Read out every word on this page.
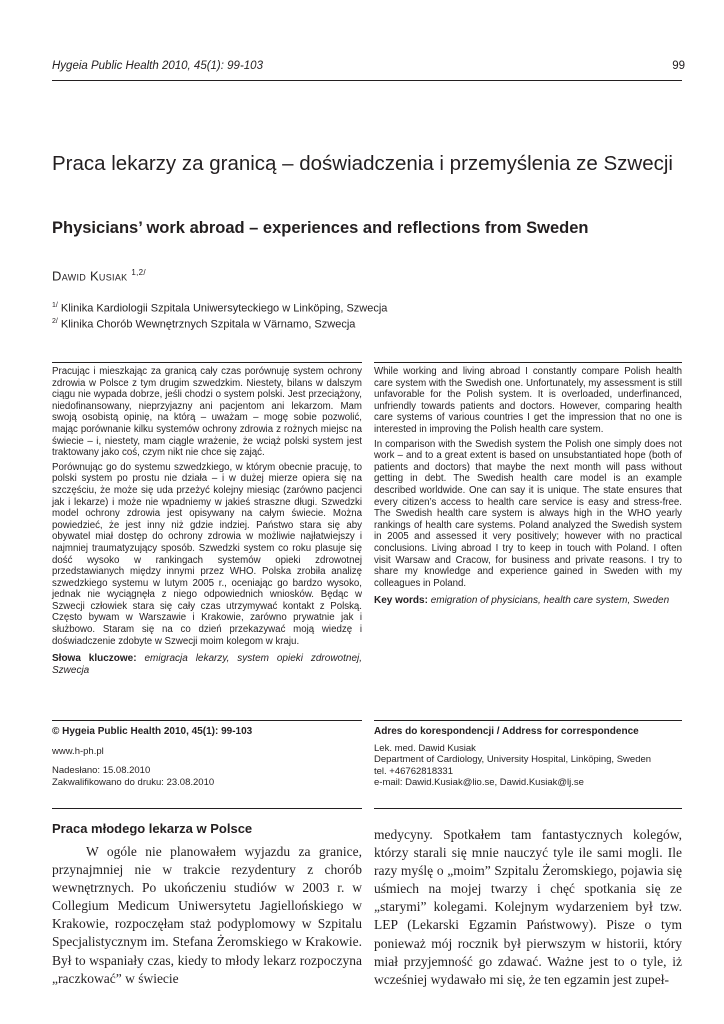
Hygeia Public Health 2010, 45(1): 99-103	99
Praca lekarzy za granicą – doświadczenia i przemyślenia ze Szwecji
Physicians’ work abroad – experiences and reflections from Sweden
Dawid Kusiak $^{1,2/}$
$^{1/}$ Klinika Kardiologii Szpitala Uniwersyteckiego w Linköping, Szwecja
$^{2/}$ Klinika Chorób Wewnętrznych Szpitala w Värnamo, Szwecja

Pracując i mieszkając za granicą cały czas porównuję system ochrony zdrowia w Polsce z tym drugim szwedzkim. Niestety, bilans w dalszym ciągu nie wypada dobrze, jeśli chodzi o system polski. Jest przeciążony, niedofinansowany, nieprzyjazny ani pacjentom ani lekarzom. Mam swoją osobistą opinię, na którą – uważam – mogę sobie pozwolić, mając porównanie kilku systemów ochrony zdrowia z rożnych miejsc na świecie – i, niestety, mam ciągle wrażenie, że wciąż polski system jest traktowany jako coś, czym nikt nie chce się zająć.

Porównując go do systemu szwedzkiego, w którym obecnie pracuję, to polski system po prostu nie działa – i w dużej mierze opiera się na szczęściu, że może się uda przeżyć kolejny miesiąc (zarówno pacjenci jak i lekarze) i może nie wpadniemy w jakieś straszne długi. Szwedzki model ochrony zdrowia jest opisywany na całym świecie. Można powiedzieć, że jest inny niż gdzie indziej. Państwo stara się aby obywatel miał dostęp do ochrony zdrowia w możliwie najłatwiejszy i najmniej traumatyzujący sposób. Szwedzki system co roku plasuje się dość wysoko w rankingach systemów opieki zdrowotnej przedstawianych między innymi przez WHO. Polska zrobiła analizę szwedzkiego systemu w lutym 2005 r., oceniając go bardzo wysoko, jednak nie wyciągnęła z niego odpowiednich wniosków. Będąc w Szwecji człowiek stara się cały czas utrzymywać kontakt z Polską. Często bywam w Warszawie i Krakowie, zarówno prywatnie jak i służbowo. Staram się na co dzień przekazywać moją wiedzę i doświadczenie zdobyte w Szwecji moim kolegom w kraju.

Słowa kluczowe: emigracja lekarzy, system opieki zdrowotnej, Szwecja

While working and living abroad I constantly compare Polish health care system with the Swedish one. Unfortunately, my assessment is still unfavorable for the Polish system. It is overloaded, underfinanced, unfriendly towards patients and doctors. However, comparing health care systems of various countries I get the impression that no one is interested in improving the Polish health care system.

In comparison with the Swedish system the Polish one simply does not work – and to a great extent is based on unsubstantiated hope (both of patients and doctors) that maybe the next month will pass without getting in debt. The Swedish health care model is an example described worldwide. One can say it is unique. The state ensures that every citizen’s access to health care service is easy and stress-free. The Swedish health care system is always high in the WHO yearly rankings of health care systems. Poland analyzed the Swedish system in 2005 and assessed it very positively; however with no practical conclusions. Living abroad I try to keep in touch with Poland. I often visit Warsaw and Cracow, for business and private reasons. I try to share my knowledge and experience gained in Sweden with my colleagues in Poland.

Key words: emigration of physicians, health care system, Sweden

© Hygeia Public Health 2010, 45(1): 99-103

www.h-ph.pl

Nadesłano: 15.08.2010

Zakwalifikowano do druku: 23.08.2010

Adres do korespondencji / Address for correspondence

Lek. med. Dawid Kusiak

Department of Cardiology, University Hospital, Linköping, Sweden

tel. +46762818331

e-mail: Dawid.Kusiak@lio.se, Dawid.Kusiak@lj.se

Praca młodego lekarza w Polsce

W ogóle nie planowałem wyjazdu za granice, przynajmniej nie w trakcie rezydentury z chorób wewnętrznych. Po ukończeniu studiów w 2003 r. w Collegium Medicum Uniwersytetu Jagiellońskiego w Krakowie, rozpoczęłam staż podyplomowy w Szpitalu Specjalistycznym im. Stefana Żeromskiego w Krakowie. Był to wspaniały czas, kiedy to młody lekarz rozpoczyna „raczkować” w świecie

medycyny. Spotkałem tam fantastycznych kolegów, którzy starali się mnie nauczyć tyle ile sami mogli. Ile razy myślę o „moim” Szpitalu Żeromskiego, pojawia się uśmiech na mojej twarzy i chęć spotkania się ze „starymi” kolegami. Kolejnym wydarzeniem był tzw. LEP (Lekarski Egzamin Państwowy). Pisze o tym ponieważ mój rocznik był pierwszym w historii, który miał przyjemność go zdawać. Ważne jest to o tyle, iż wcześniej wydawało mi się, że ten egzamin jest zupeł-
